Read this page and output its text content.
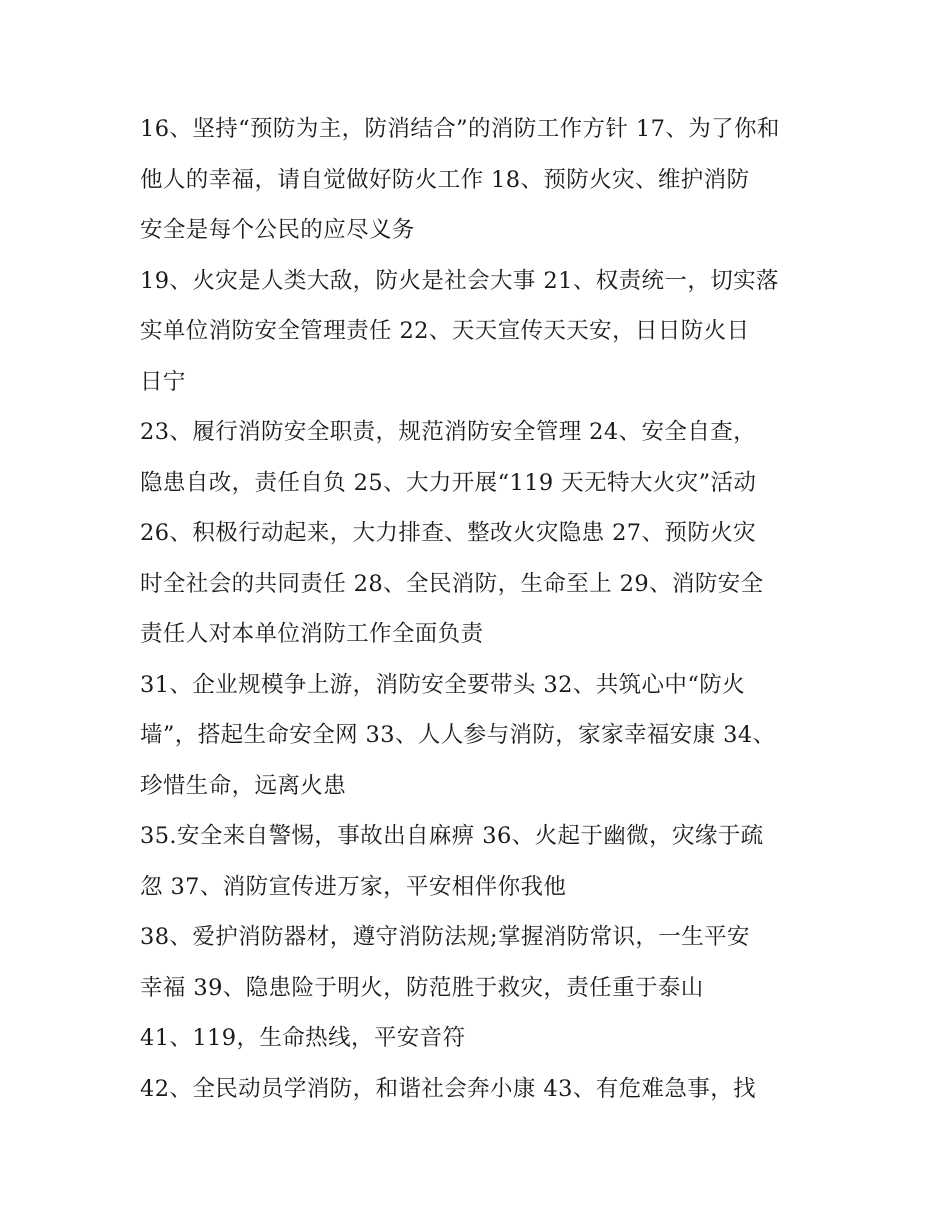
16、坚持“预防为主，防消结合”的消防工作方针 17、为了你和
他人的幸福，请自觉做好防火工作 18、预防火灾、维护消防
安全是每个公民的应尽义务

19、火灾是人类大敌，防火是社会大事 21、权责统一，切实落
实单位消防安全管理责任 22、天天宣传天天安，日日防火日
日宁

23、履行消防安全职责，规范消防安全管理 24、安全自查，
隐患自改，责任自负 25、大力开展“119 天无特大火灾”活动

26、积极行动起来，大力排查、整改火灾隐患 27、预防火灾
时全社会的共同责任 28、全民消防，生命至上 29、消防安全
责任人对本单位消防工作全面负责

31、企业规模争上游，消防安全要带头 32、共筑心中“防火
墙”，搭起生命安全网 33、人人参与消防，家家幸福安康 34、
珍惜生命，远离火患

35.安全来自警惕，事故出自麻痹 36、火起于幽微，灾缘于疏
忽 37、消防宣传进万家，平安相伴你我他

38、爱护消防器材，遵守消防法规;掌握消防常识，一生平安
幸福 39、隐患险于明火，防范胜于救灾，责任重于泰山

41、119，生命热线，平安音符

42、全民动员学消防，和谐社会奔小康 43、有危难急事，找
